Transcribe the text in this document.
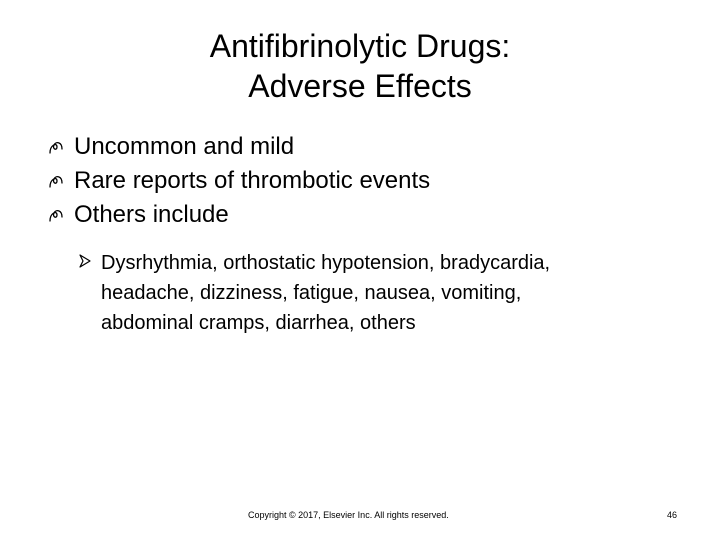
Antifibrinolytic Drugs:
Adverse Effects
Uncommon and mild
Rare reports of thrombotic events
Others include
Dysrhythmia, orthostatic hypotension, bradycardia,
headache, dizziness, fatigue, nausea, vomiting,
abdominal cramps, diarrhea, others
Copyright © 2017, Elsevier Inc. All rights reserved.	46
